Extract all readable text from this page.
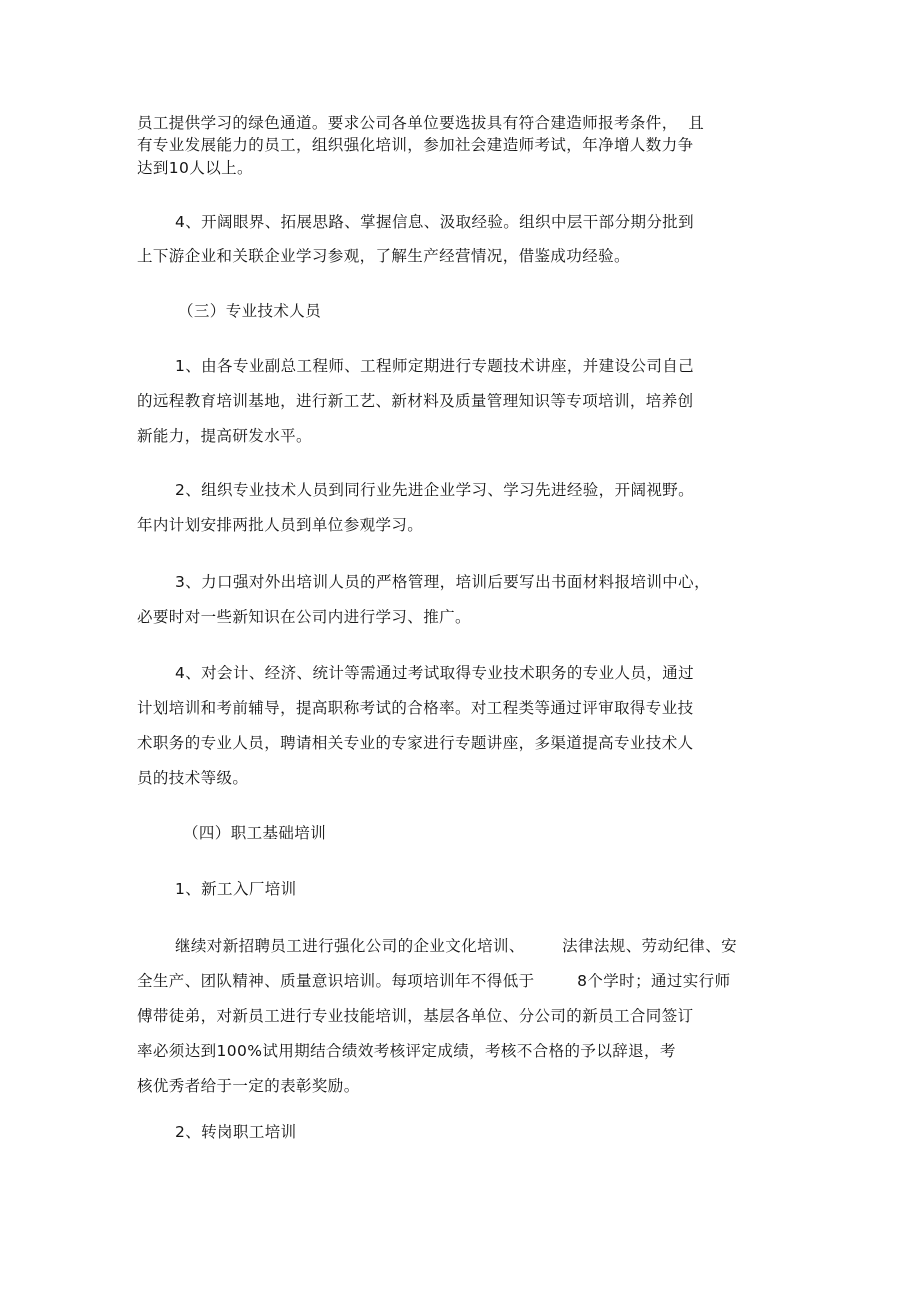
员工提供学习的绿色通道。要求公司各单位要选拔具有符合建造师报考条件，  且
有专业发展能力的员工，组织强化培训，参加社会建造师考试，年净增人数力争
达到10人以上。
4、开阔眼界、拓展思路、掌握信息、汲取经验。组织中层干部分期分批到
上下游企业和关联企业学习参观，了解生产经营情况，借鉴成功经验。
（三）专业技术人员
1、由各专业副总工程师、工程师定期进行专题技术讲座，并建设公司自己
的远程教育培训基地，进行新工艺、新材料及质量管理知识等专项培训，培养创
新能力，提高研发水平。
2、组织专业技术人员到同行业先进企业学习、学习先进经验，开阔视野。
年内计划安排两批人员到单位参观学习。
3、力口强对外出培训人员的严格管理，培训后要写出书面材料报培训中心，
必要时对一些新知识在公司内进行学习、推广。
4、对会计、经济、统计等需通过考试取得专业技术职务的专业人员，通过
计划培训和考前辅导，提高职称考试的合格率。对工程类等通过评审取得专业技
术职务的专业人员，聘请相关专业的专家进行专题讲座，多渠道提高专业技术人
员的技术等级。
（四）职工基础培训
1、新工入厂培训
继续对新招聘员工进行强化公司的企业文化培训、       法律法规、劳动纪律、安
全生产、团队精神、质量意识培训。每项培训年不得低于        8个学时；通过实行师
傅带徒弟，对新员工进行专业技能培训，基层各单位、分公司的新员工合同签订
率必须达到100%试用期结合绩效考核评定成绩，考核不合格的予以辞退，考
核优秀者给于一定的表彰奖励。
2、转岗职工培训
